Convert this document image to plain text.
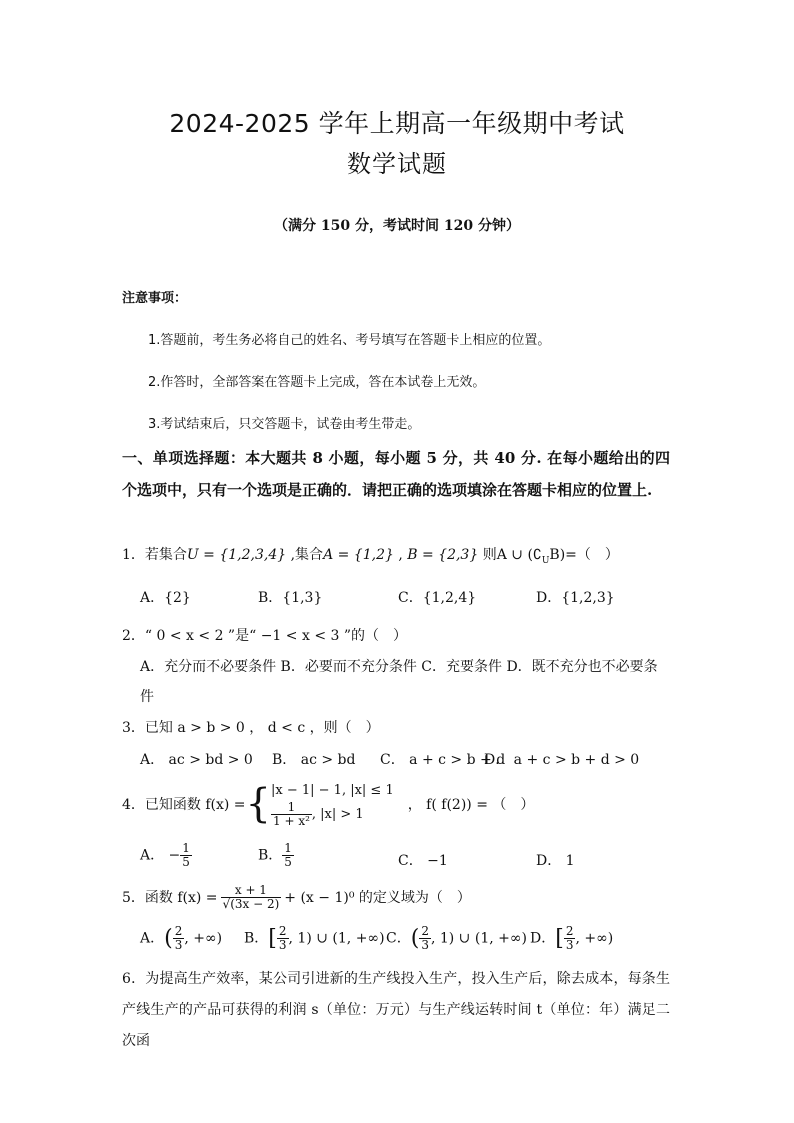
2024-2025 学年上期高一年级期中考试
数学试题
（满分 150 分，考试时间 120 分钟）
注意事项：
1.答题前，考生务必将自己的姓名、考号填写在答题卡上相应的位置。
2.作答时，全部答案在答题卡上完成，答在本试卷上无效。
3.考试结束后，只交答题卡，试卷由考生带走。
一、单项选择题：本大题共 8 小题，每小题 5 分，共 40 分. 在每小题给出的四个选项中，只有一个选项是正确的．请把正确的选项填涂在答题卡相应的位置上.
1．若集合U = {1,2,3,4} ,集合A = {1,2} , B = {2,3} 则A ∪ $(∁_UB)=$（　）
A．{2}	B．{1,3}	C．{1,2,4}	D．{1,2,3}
2．“ 0 < x < 2 ”是“ −1 < x < 3 ”的（　）
A．充分而不必要条件 B．必要而不充分条件 C．充要条件 D．既不充分也不必要条
件
3．已知 a > b > 0 ， d < c ，则（　）
A． ac > bd > 0 B． ac > bd C． a + c > b + d
D． a + c > b + d > 0
4．已知函数 f(x) = { |x − 1| − 1, |x| ≤ 1
$\frac{1}{\text{1 + x²}}$ , |x| > 1
， f( f(2)) = （　）
A． − $\frac{1}{5}$	B． $\frac{1}{5}$	C． −1	D． 1
5．函数 $f(x) = \frac{x + 1}{√(3x - 2)} + (x - 1)^0$ 的定义域为（　）
A．( $\frac{2}{3}$ , +∞) B．[ $\frac{2}{3}$ , 1) ∪ (1, +∞) C．( $\frac{2}{3}$ , 1) ∪ (1, +∞) D．[ $\frac{2}{3}$ , +∞)
6．为提高生产效率，某公司引进新的生产线投入生产，投入生产后，除去成本，每条生产线生产的产品可获得的利润 s（单位：万元）与生产线运转时间 t（单位：年）满足二次函
